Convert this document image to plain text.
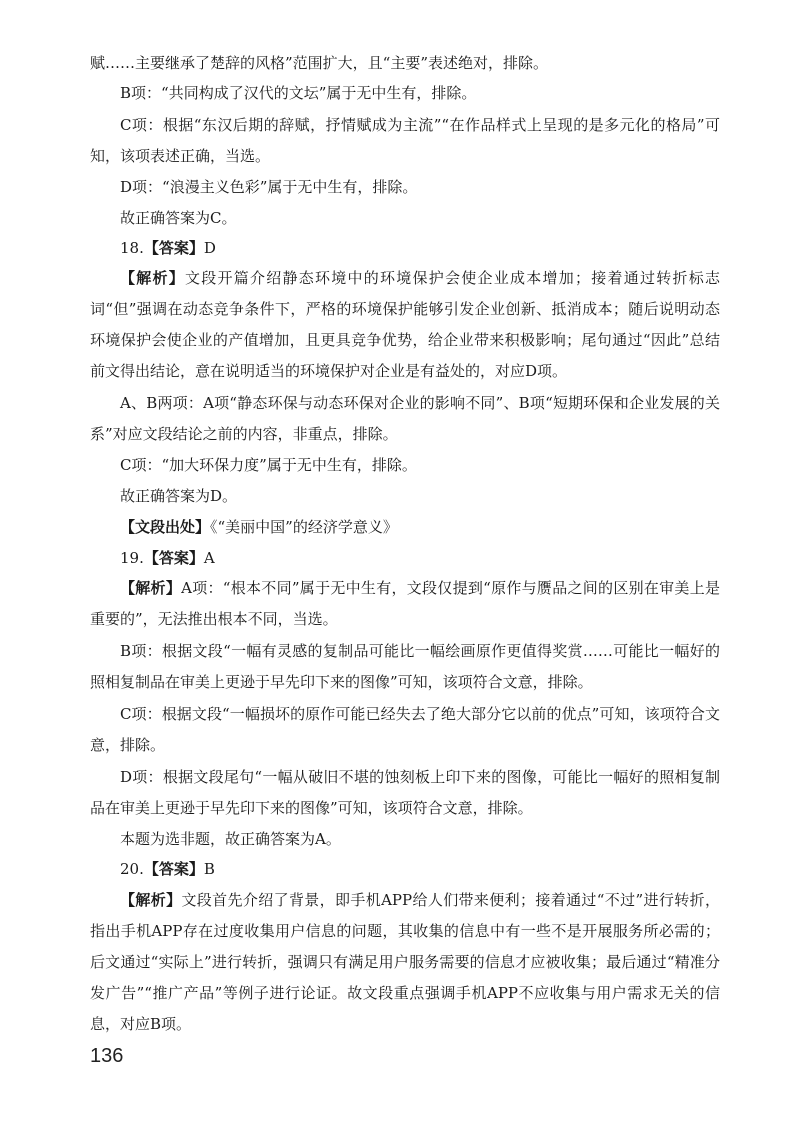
赋……主要继承了楚辞的风格”范围扩大，且“主要”表述绝对，排除。

B项：“共同构成了汉代的文坛”属于无中生有，排除。

C项：根据“东汉后期的辞赋，抒情赋成为主流”“在作品样式上呈现的是多元化的格局”可知，该项表述正确，当选。

D项：“浪漫主义色彩”属于无中生有，排除。

故正确答案为C。

18.【答案】D

【解析】文段开篇介绍静态环境中的环境保护会使企业成本增加；接着通过转折标志词“但”强调在动态竞争条件下，严格的环境保护能够引发企业创新、抵消成本；随后说明动态环境保护会使企业的产值增加，且更具竞争优势，给企业带来积极影响；尾句通过“因此”总结前文得出结论，意在说明适当的环境保护对企业是有益处的，对应D项。

A、B两项：A项“静态环保与动态环保对企业的影响不同”、B项“短期环保和企业发展的关系”对应文段结论之前的内容，非重点，排除。

C项：“加大环保力度”属于无中生有，排除。

故正确答案为D。

【文段出处】《“美丽中国”的经济学意义》

19.【答案】A

【解析】A项：“根本不同”属于无中生有，文段仅提到“原作与赝品之间的区别在审美上是重要的”，无法推出根本不同，当选。

B项：根据文段“一幅有灵感的复制品可能比一幅绘画原作更值得奖赏……可能比一幅好的照相复制品在审美上更逊于早先印下来的图像”可知，该项符合文意，排除。

C项：根据文段“一幅损坏的原作可能已经失去了绝大部分它以前的优点”可知，该项符合文意，排除。

D项：根据文段尾句“一幅从破旧不堪的蚀刻板上印下来的图像，可能比一幅好的照相复制品在审美上更逊于早先印下来的图像”可知，该项符合文意，排除。

本题为选非题，故正确答案为A。

20.【答案】B

【解析】文段首先介绍了背景，即手机APP给人们带来便利；接着通过“不过”进行转折，指出手机APP存在过度收集用户信息的问题，其收集的信息中有一些不是开展服务所必需的；后文通过“实际上”进行转折，强调只有满足用户服务需要的信息才应被收集；最后通过“精准分发广告”“推广产品”等例子进行论证。故文段重点强调手机APP不应收集与用户需求无关的信息，对应B项。

136
